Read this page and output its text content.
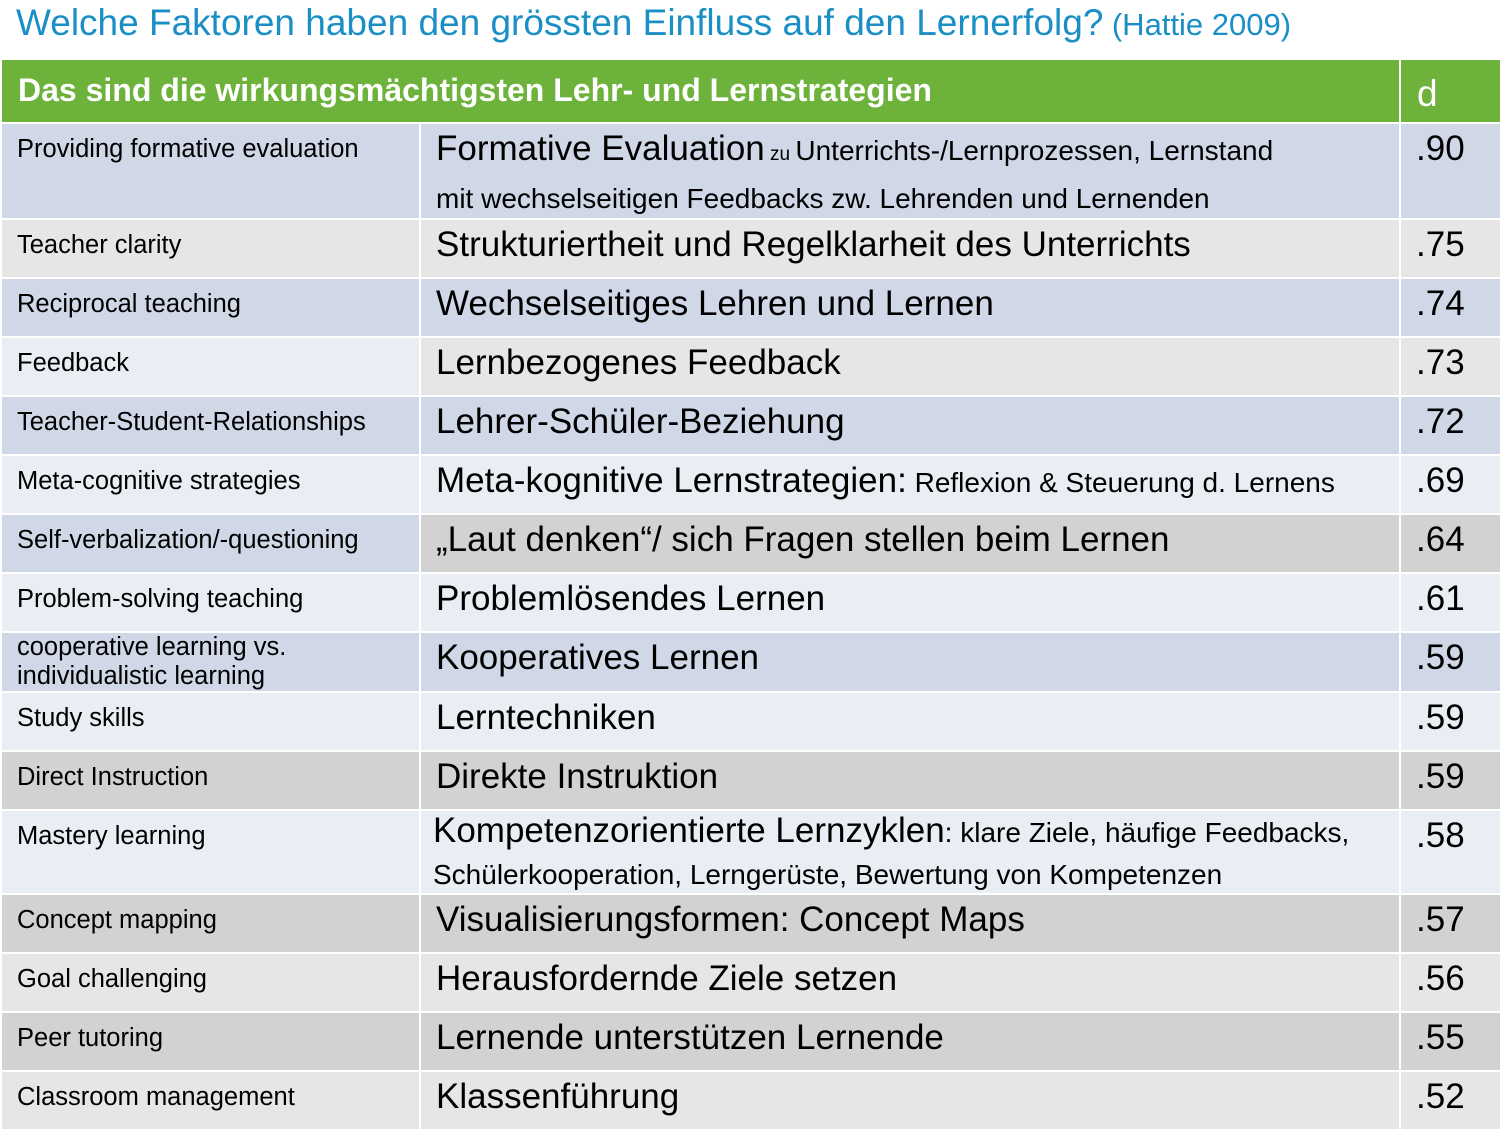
Welche Faktoren haben den grössten Einfluss auf den Lernerfolg? (Hattie 2009)
Das sind die wirkungsmächtigsten Lehr- und Lernstrategien		d

Providing formative evaluation	Formative Evaluation zu Unterrichts-/Lernprozessen, Lernstand
mit wechselseitigen Feedbacks zw. Lehrenden und Lernenden	.90

Teacher clarity	Strukturiertheit und Regelklarheit des Unterrichts	.75

Reciprocal teaching	Wechselseitiges Lehren und Lernen	.74

Feedback	Lernbezogenes Feedback	.73

Teacher-Student-Relationships	Lehrer-Schüler-Beziehung	.72

Meta-cognitive strategies	Meta-kognitive Lernstrategien: Reflexion & Steuerung d. Lernens	.69

Self-verbalization/-questioning	„Laut denken“/ sich Fragen stellen beim Lernen	.64

Problem-solving teaching	Problemlösendes Lernen	.61

cooperative learning vs.
individualistic learning	Kooperatives Lernen	.59

Study skills	Lerntechniken	.59

Direct Instruction	Direkte Instruktion	.59

Mastery learning	Kompetenzorientierte Lernzyklen: klare Ziele, häufige Feedbacks,
Schülerkooperation, Lerngerüste, Bewertung von Kompetenzen	.58

Concept mapping	Visualisierungsformen: Concept Maps	.57

Goal challenging	Herausfordernde Ziele setzen	.56

Peer tutoring	Lernende unterstützen Lernende	.55

Classroom management	Klassenführung	.52
